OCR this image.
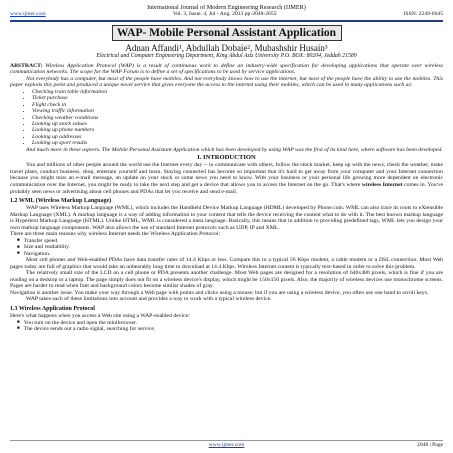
International Journal of Modern Engineering Research (IJMER)
www.ijmer.com	Vol. 3, Issue. 4, Jul - Aug. 2013 pp-2048-2055	ISSN: 2249-6645
WAP- Mobile Personal Assistant Application
Adnan Affandi¹, Abdullah Dobaie², Mubashshir Husain³
Electrical and Computer Engineering Department, King Abdul Aziz University P.O. BOX: 80204, Jeddah 21589

ABSTRACT: Wireless Application Protocol (WAP) is a result of continuous work to define an industry-wide specification for developing applications that operate over wireless communication networks. The scope for the WAP Forum is to define a set of specifications to be used by service applications.

Not everybody has a computer, but most of the people have mobiles. And not everybody knows how to use the internet, but most of the people have the ability to use the mobiles. This paper exploits this point and produced a unique novel service that gives everyone the access to the internet using their mobiles, which can be used in many applications such as:

• Checking train table information
• Ticket purchase
• Flight check in
• Viewing traffic information
• Checking weather conditions
• Looking up stock values
• Looking up phone numbers
• Looking up addresses
• Looking up sport results

And much more in these aspects. The Mobile Personal Assistant Application which has been developed by using WAP was the first of its kind here, where software has been developed.

I. INTRODUCTION

You and millions of other people around the world use the Internet every day -- to communicate with others, follow the stock market, keep up with the news, check the weather, make travel plans, conduct business, shop, entertain yourself and learn. Staying connected has become so important that it's hard to get away from your computer and your Internet connection because you might miss an e-mail message, an update on your stock or some news you need to know. With your business or your personal life growing more dependent on electronic communication over the Internet, you might be ready to take the next step and get a device that allows you to access the Internet on the go. That's where wireless Internet comes in. You've probably seen news or advertising about cell phones and PDAs that let you receive and send e-mail.

1.2 WML (Wireless Markup Language)

WAP uses Wireless Markup Language (WML), which includes the Handheld Device Markup Language (HDML) developed by Phone.com. WML can also trace its roots to eXtensible Markup Language (XML). A markup language is a way of adding information to your content that tells the device receiving the content what to do with it. The best known markup language is Hypertext Markup Language (HTML). Unlike HTML, WML is considered a meta language. Basically, this means that in addition to providing predefined tags, WML lets you design your own markup language components. WAP also allows the use of standard Internet protocols such as UDP, IP and XML.

There are three main reasons why wireless Internet needs the Wireless Application Protocol:

■ Transfer speed.
■ Size and readability.
■ Navigation.

Most cell phones and Web-enabled PDAs have data transfer rates of 14.4 Kbps or less. Compare this to a typical 56 Kbps modem, a cable modem or a DSL connection. Most Web pages today are full of graphics that would take an unbearably long time to download at 14.4 Kbps. Wireless Internet content is typically text-based in order to solve this problem.

The relatively small size of the LCD on a cell phone or PDA presents another challenge. Most Web pages are designed for a resolution of 640x480 pixels, which is fine if you are reading on a desktop or a laptop. The page simply does not fit on a wireless device's display, which might be 150x150 pixels. Also, the majority of wireless devices use monochrome screens. Pages are harder to read when font and background colors become similar shades of gray.

Navigation is another issue. You make your way through a Web page with points and clicks using a mouse; but if you are using a wireless device, you often use one hand to scroll keys.

WAP takes each of these limitations into account and provides a way to work with a typical wireless device.

1.3 Wireless Application Protocol

Here's what happens when you access a Web site using a WAP-enabled device:

■ You turn on the device and open the minibrowser.
■ The device sends out a radio signal, searching for service.
www.ijmer.com	2048 | Page
